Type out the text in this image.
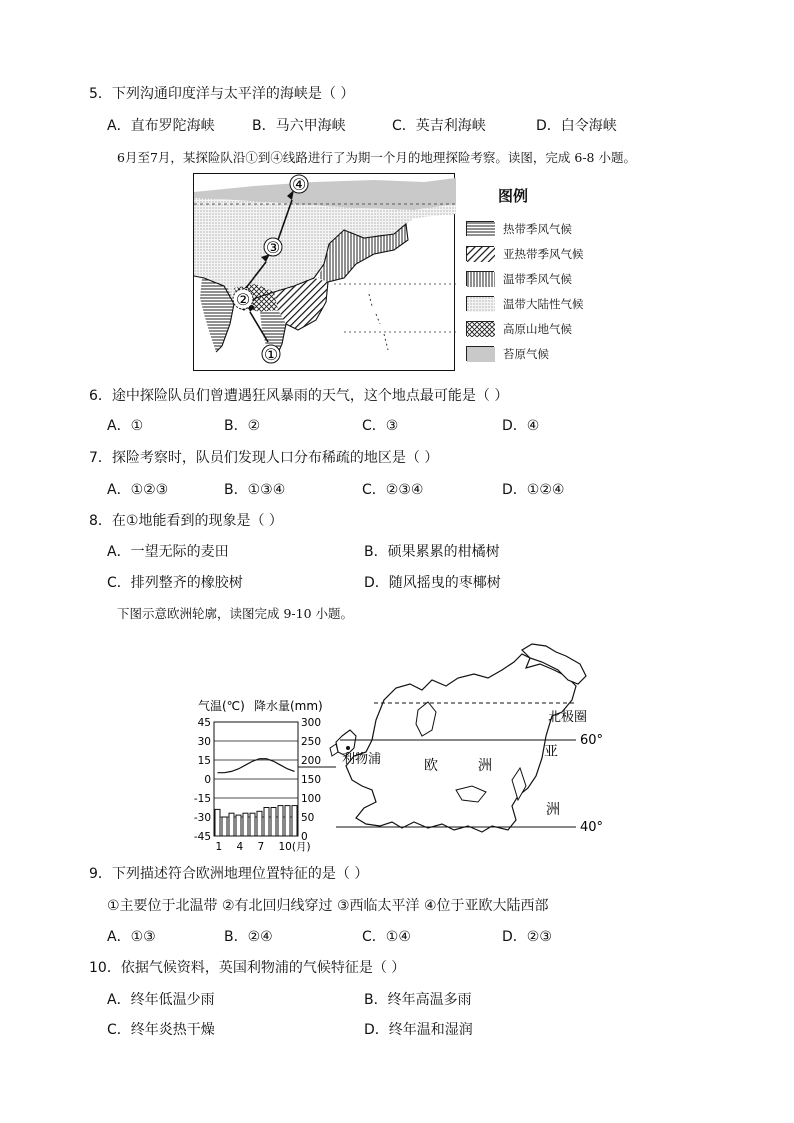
5．下列沟通印度洋与太平洋的海峡是（ ）
A．直布罗陀海峡	B．马六甲海峡	C．英吉利海峡	D．白令海峡
6月至7月，某探险队沿①到④线路进行了为期一个月的地理探险考察。读图，完成 6-8 小题。
①
②
③
④
图例
热带季风气候
亚热带季风气候
温带季风气候
温带大陆性气候
高原山地气候
苔原气候
6．途中探险队员们曾遭遇狂风暴雨的天气，这个地点最可能是（ ）
A．①	B．②	C．③	D．④
7．探险考察时，队员们发现人口分布稀疏的地区是（ ）
A．①②③	B．①③④	C．②③④	D．①②④
8．在①地能看到的现象是（ ）
A．一望无际的麦田	B．硕果累累的柑橘树
C．排列整齐的橡胶树	D．随风摇曳的枣椰树
下图示意欧洲轮廓，读图完成 9-10 小题。
北极圈
60°
40°
利物浦	欧	洲
亚
洲
气温(℃) 降水量(mm)
45	300
30	250
15	200
0	150
-15	100
-30	50
-45	0
1 4 7 10(月)
9．下列描述符合欧洲地理位置特征的是（ ）
①主要位于北温带 ②有北回归线穿过 ③西临太平洋 ④位于亚欧大陆西部
A．①③	B．②④	C．①④	D．②③
10．依据气候资料，英国利物浦的气候特征是（ ）
A．终年低温少雨	B．终年高温多雨
C．终年炎热干燥	D．终年温和湿润
